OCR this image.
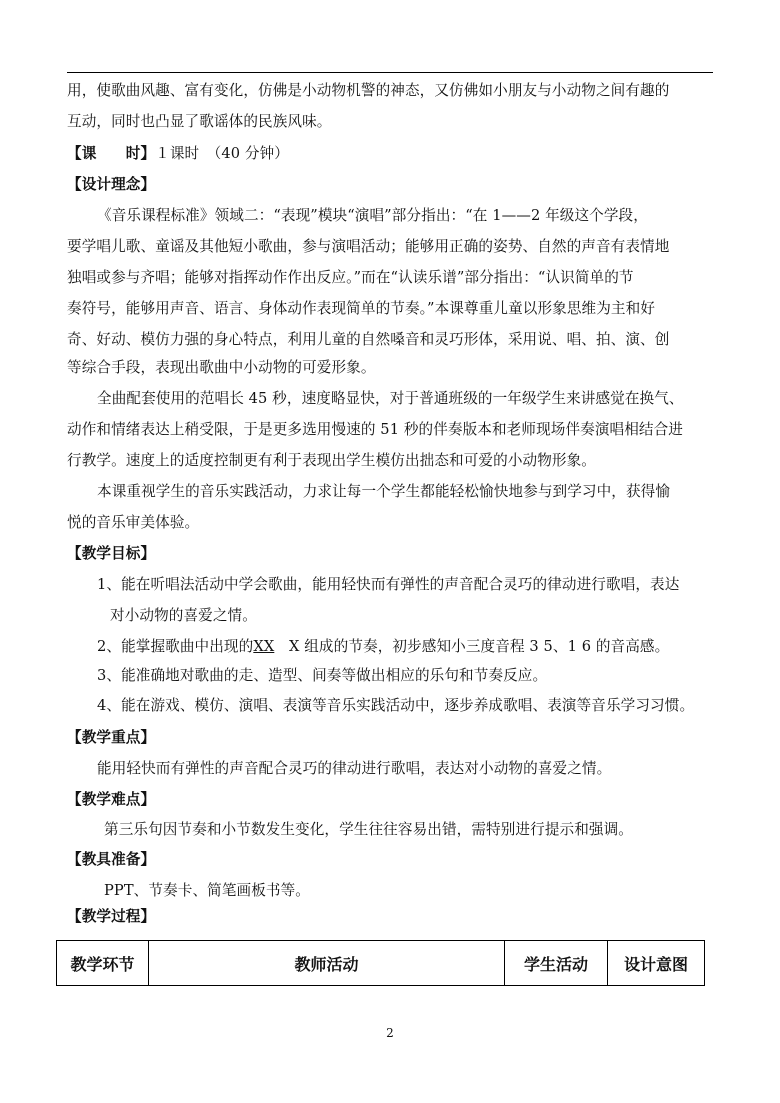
用，使歌曲风趣、富有变化，仿佛是小动物机警的神态，又仿佛如小朋友与小动物之间有趣的
互动，同时也凸显了歌谣体的民族风味。
【课　　时】１课时　（40 分钟）
【设计理念】
《音乐课程标准》领域二：“表现”模块“演唱”部分指出：“在 1——2 年级这个学段，
要学唱儿歌、童谣及其他短小歌曲，参与演唱活动；能够用正确的姿势、自然的声音有表情地
独唱或参与齐唱；能够对指挥动作作出反应。”而在“认读乐谱”部分指出：“认识简单的节
奏符号，能够用声音、语言、身体动作表现简单的节奏。”本课尊重儿童以形象思维为主和好
奇、好动、模仿力强的身心特点，利用儿童的自然嗓音和灵巧形体，采用说、唱、拍、演、创
等综合手段，表现出歌曲中小动物的可爱形象。
全曲配套使用的范唱长 45 秒，速度略显快，对于普通班级的一年级学生来讲感觉在换气、
动作和情绪表达上稍受限，于是更多选用慢速的 51 秒的伴奏版本和老师现场伴奏演唱相结合进
行教学。速度上的适度控制更有利于表现出学生模仿出拙态和可爱的小动物形象。
本课重视学生的音乐实践活动，力求让每一个学生都能轻松愉快地参与到学习中，获得愉
悦的音乐审美体验。
【教学目标】
1、能在听唱法活动中学会歌曲，能用轻快而有弹性的声音配合灵巧的律动进行歌唱，表达
对小动物的喜爱之情。
2、能掌握歌曲中出现的XX　X 组成的节奏，初步感知小三度音程 3 5、1 6 的音高感。
3、能准确地对歌曲的走、造型、间奏等做出相应的乐句和节奏反应。
4、能在游戏、模仿、演唱、表演等音乐实践活动中，逐步养成歌唱、表演等音乐学习习惯。
【教学重点】
能用轻快而有弹性的声音配合灵巧的律动进行歌唱，表达对小动物的喜爱之情。
【教学难点】
第三乐句因节奏和小节数发生变化，学生往往容易出错，需特别进行提示和强调。
【教具准备】
PPT、节奏卡、简笔画板书等。
【教学过程】
教学环节	教师活动	学生活动	设计意图
2
